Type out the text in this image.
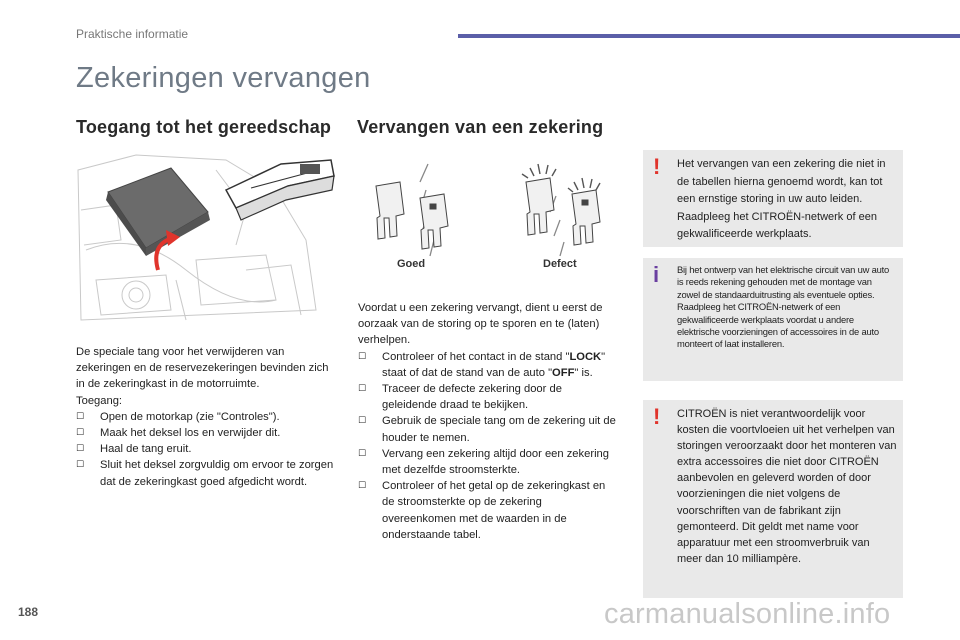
Praktische informatie
Zekeringen vervangen
Toegang tot het gereedschap Vervangen van een zekering

De speciale tang voor het verwijderen van zekeringen en de reservezekeringen bevinden zich in de zekeringkast in de motorruimte.

Toegang:

☐	Open de motorkap (zie "Controles").
☐	Maak het deksel los en verwijder dit.
☐	Haal de tang eruit.
☐	Sluit het deksel zorgvuldig om ervoor te zorgen dat de zekeringkast goed afgedicht wordt.
Goed	Defect

Voordat u een zekering vervangt, dient u eerst de oorzaak van de storing op te sporen en te (laten) verhelpen.

☐	Controleer of het contact in de stand "LOCK" staat of dat de stand van de auto "OFF" is.
☐	Traceer de defecte zekering door de geleidende draad te bekijken.
☐	Gebruik de speciale tang om de zekering uit de houder te nemen.
☐	Vervang een zekering altijd door een zekering met dezelfde stroomsterkte.
☐	Controleer of het getal op de zekeringkast en de stroomsterkte op de zekering overeenkomen met de waarden in de onderstaande tabel.
! Het vervangen van een zekering die niet in de tabellen hierna genoemd wordt, kan tot een ernstige storing in uw auto leiden. Raadpleeg het CITROËN-netwerk of een gekwalificeerde werkplaats.
i Bij het ontwerp van het elektrische circuit van uw auto is reeds rekening gehouden met de montage van zowel de standaarduitrusting als eventuele opties.
Raadpleeg het CITROËN-netwerk of een gekwalificeerde werkplaats voordat u andere elektrische voorzieningen of accessoires in de auto monteert of laat installeren.
! CITROËN is niet verantwoordelijk voor kosten die voortvloeien uit het verhelpen van storingen veroorzaakt door het monteren van extra accessoires die niet door CITROËN aanbevolen en geleverd worden of door voorzieningen die niet volgens de voorschriften van de fabrikant zijn gemonteerd. Dit geldt met name voor apparatuur met een stroomverbruik van meer dan 10 milliampère.
188	carmanualsonline.info
